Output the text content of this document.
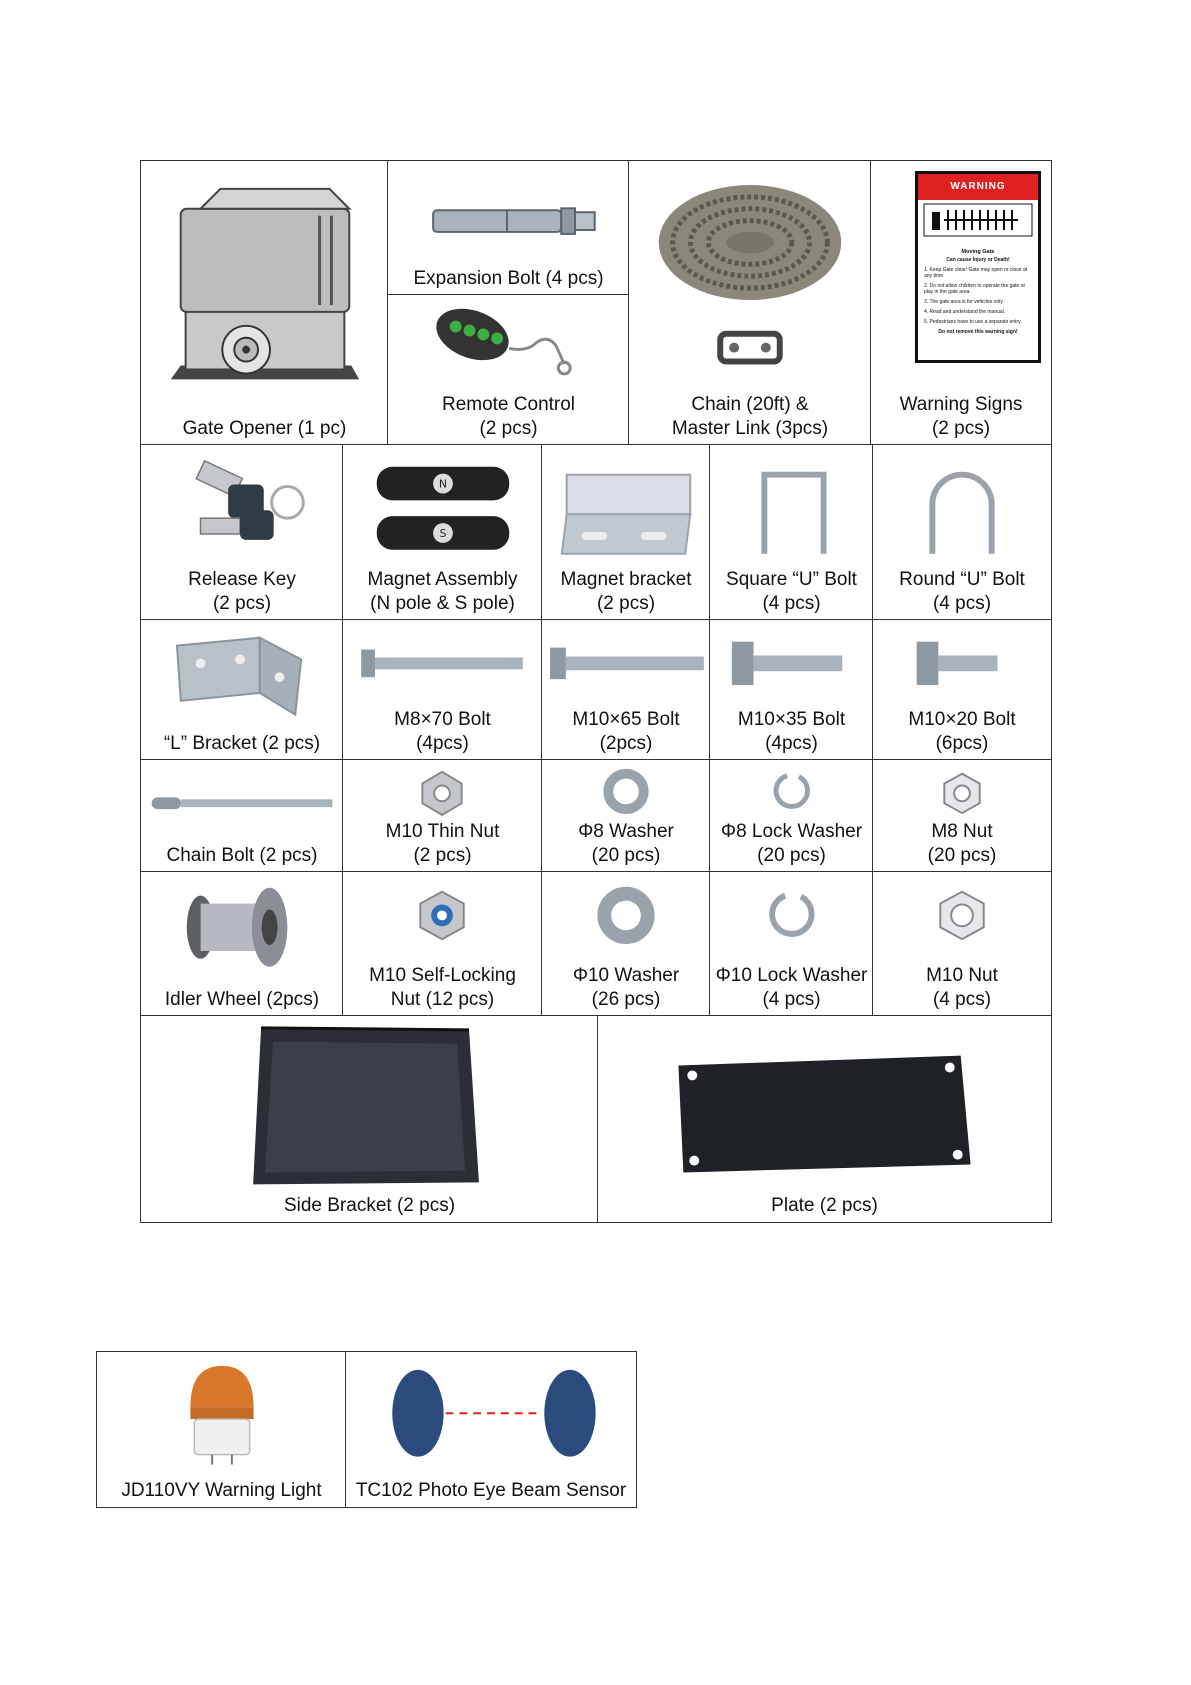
Gate Opener (1 pc)
Expansion Bolt (4 pcs)
Remote Control
(2 pcs)
Chain (20ft) &
Master Link (3pcs)
WARNING
Moving Gate
Can cause Injury or Death!
1. Keep Gate clear! Gate may open or close at any time.
2. Do not allow children to operate the gate or play in the gate area.
3. The gate area is for vehicles only.
4. Read and understand the manual.
5. Pedestrians have to use a separate entry.
Do not remove this warning sign!
Warning Signs
(2 pcs)
Release Key
(2 pcs)
N
S
Magnet Assembly
(N pole & S pole)
Magnet bracket
(2 pcs)
Square “U” Bolt
(4 pcs)
Round “U” Bolt
(4 pcs)
“L” Bracket (2 pcs)
M8×70 Bolt
(4pcs)
M10×65 Bolt
(2pcs)
M10×35 Bolt
(4pcs)
M10×20 Bolt
(6pcs)
Chain Bolt (2 pcs)
M10 Thin Nut
(2 pcs)
Φ8 Washer
(20 pcs)
Φ8 Lock Washer
(20 pcs)
M8 Nut
(20 pcs)
Idler Wheel (2pcs)
M10 Self-Locking
Nut (12 pcs)
Φ10 Washer
(26 pcs)
Φ10 Lock Washer
(4 pcs)
M10 Nut
(4 pcs)
Side Bracket (2 pcs)	Plate (2 pcs)
JD110VY Warning Light	TC102 Photo Eye Beam Sensor
